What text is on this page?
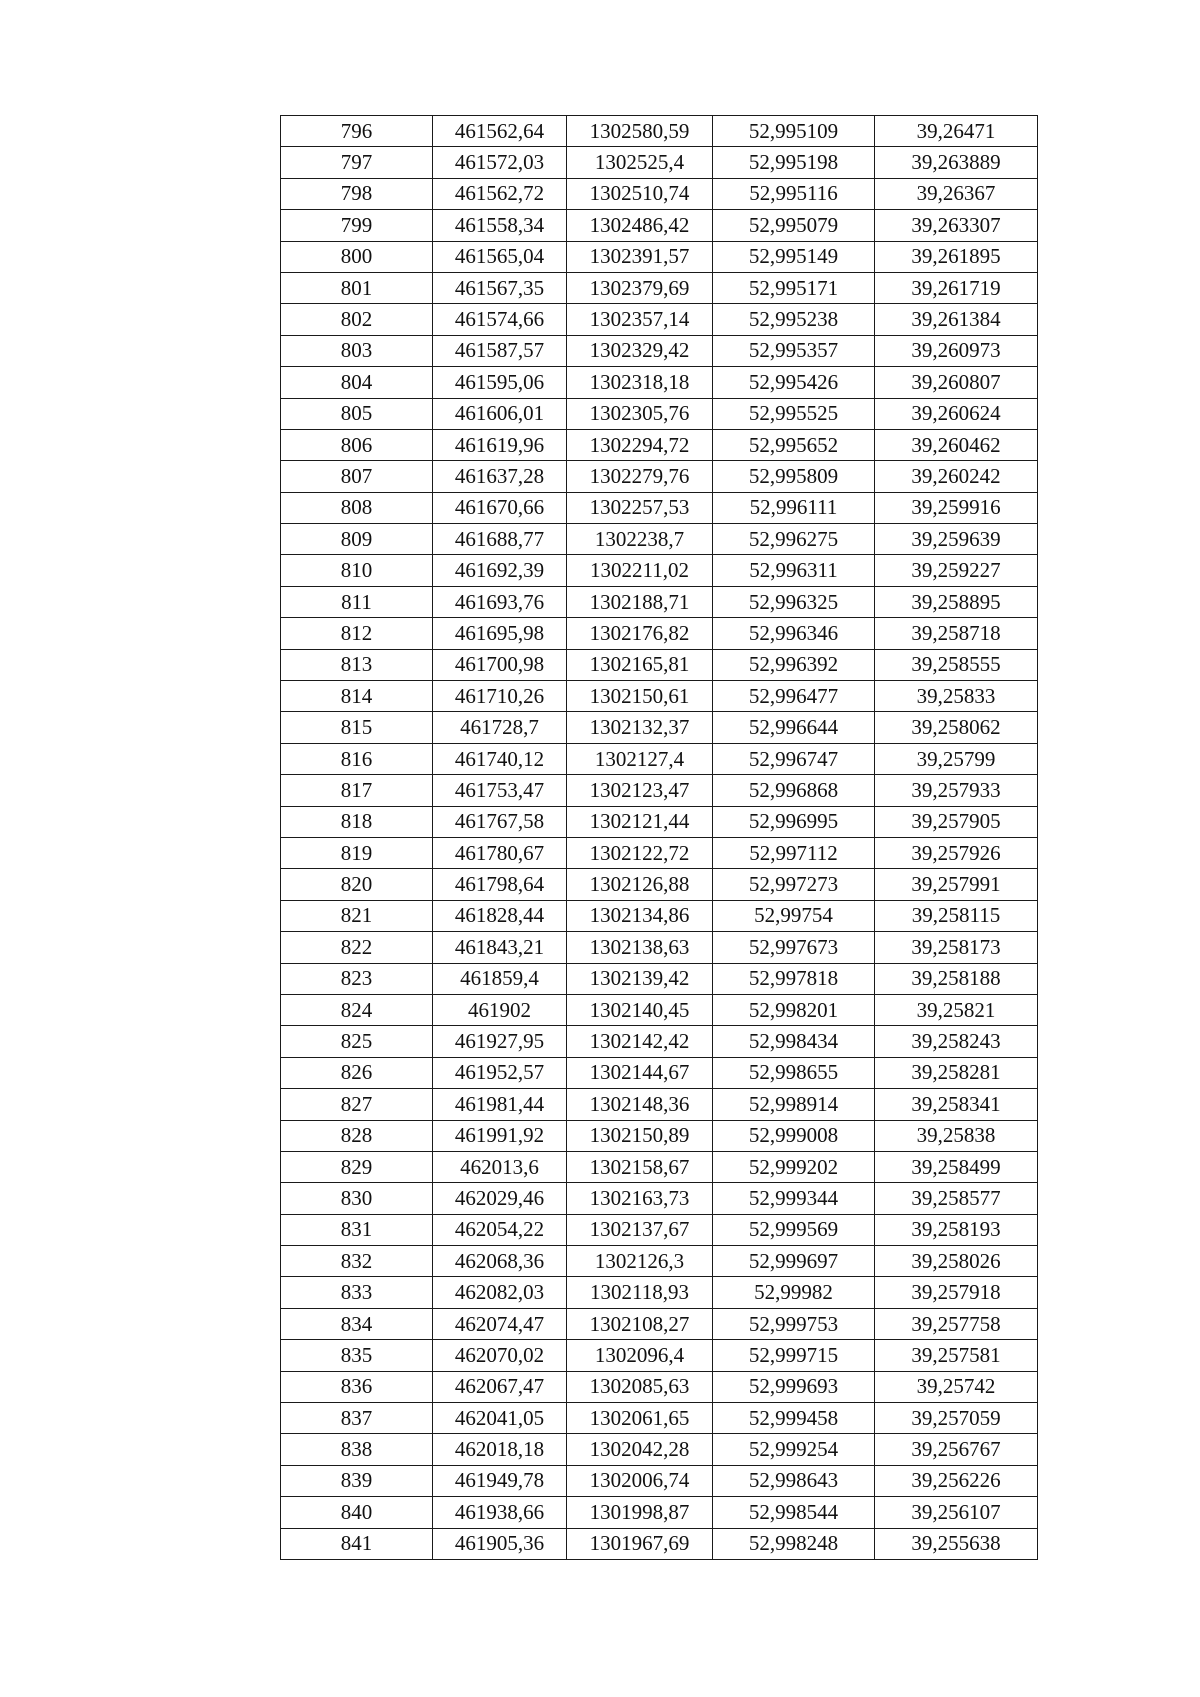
796	461562,64	1302580,59	52,995109	39,26471
797	461572,03	1302525,4	52,995198	39,263889
798	461562,72	1302510,74	52,995116	39,26367
799	461558,34	1302486,42	52,995079	39,263307
800	461565,04	1302391,57	52,995149	39,261895
801	461567,35	1302379,69	52,995171	39,261719
802	461574,66	1302357,14	52,995238	39,261384
803	461587,57	1302329,42	52,995357	39,260973
804	461595,06	1302318,18	52,995426	39,260807
805	461606,01	1302305,76	52,995525	39,260624
806	461619,96	1302294,72	52,995652	39,260462
807	461637,28	1302279,76	52,995809	39,260242
808	461670,66	1302257,53	52,996111	39,259916
809	461688,77	1302238,7	52,996275	39,259639
810	461692,39	1302211,02	52,996311	39,259227
811	461693,76	1302188,71	52,996325	39,258895
812	461695,98	1302176,82	52,996346	39,258718
813	461700,98	1302165,81	52,996392	39,258555
814	461710,26	1302150,61	52,996477	39,25833
815	461728,7	1302132,37	52,996644	39,258062
816	461740,12	1302127,4	52,996747	39,25799
817	461753,47	1302123,47	52,996868	39,257933
818	461767,58	1302121,44	52,996995	39,257905
819	461780,67	1302122,72	52,997112	39,257926
820	461798,64	1302126,88	52,997273	39,257991
821	461828,44	1302134,86	52,99754	39,258115
822	461843,21	1302138,63	52,997673	39,258173
823	461859,4	1302139,42	52,997818	39,258188
824	461902	1302140,45	52,998201	39,25821
825	461927,95	1302142,42	52,998434	39,258243
826	461952,57	1302144,67	52,998655	39,258281
827	461981,44	1302148,36	52,998914	39,258341
828	461991,92	1302150,89	52,999008	39,25838
829	462013,6	1302158,67	52,999202	39,258499
830	462029,46	1302163,73	52,999344	39,258577
831	462054,22	1302137,67	52,999569	39,258193
832	462068,36	1302126,3	52,999697	39,258026
833	462082,03	1302118,93	52,99982	39,257918
834	462074,47	1302108,27	52,999753	39,257758
835	462070,02	1302096,4	52,999715	39,257581
836	462067,47	1302085,63	52,999693	39,25742
837	462041,05	1302061,65	52,999458	39,257059
838	462018,18	1302042,28	52,999254	39,256767
839	461949,78	1302006,74	52,998643	39,256226
840	461938,66	1301998,87	52,998544	39,256107
841	461905,36	1301967,69	52,998248	39,255638
